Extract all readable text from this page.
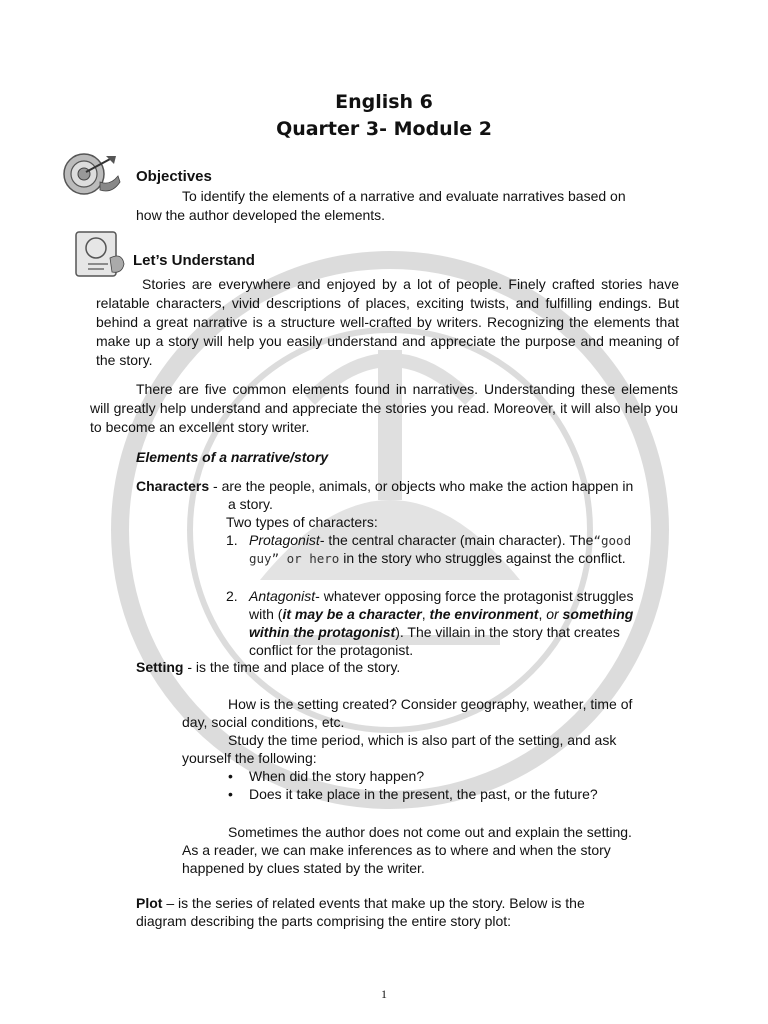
English 6
Quarter 3- Module 2
Objectives
To identify the elements of a narrative and evaluate narratives based on
how the author developed the elements.
Let’s Understand

Stories are everywhere and enjoyed by a lot of people. Finely crafted stories have relatable characters, vivid descriptions of places, exciting twists, and fulfilling endings. But behind a great narrative is a structure well-crafted by writers. Recognizing the elements that make up a story will help you easily understand and appreciate the purpose and meaning of the story.

There are five common elements found in narratives. Understanding these elements will greatly help understand and appreciate the stories you read. Moreover, it will also help you to become an excellent story writer.

Elements of a narrative/story
Characters - are the people, animals, or objects who make the action happen in
a story.
Two types of characters:
1. Protagonist- the central character (main character). The“good
guy” or hero in the story who struggles against the conflict.
2. Antagonist- whatever opposing force the protagonist struggles
with (it may be a character, the environment, or something
within the protagonist). The villain in the story that creates
conflict for the protagonist.
Setting - is the time and place of the story.
How is the setting created? Consider geography, weather, time of
day, social conditions, etc.
Study the time period, which is also part of the setting, and ask
yourself the following:
• When did the story happen?
• Does it take place in the present, the past, or the future?
Sometimes the author does not come out and explain the setting.
As a reader, we can make inferences as to where and when the story
happened by clues stated by the writer.
Plot – is the series of related events that make up the story. Below is the
diagram describing the parts comprising the entire story plot:
1
